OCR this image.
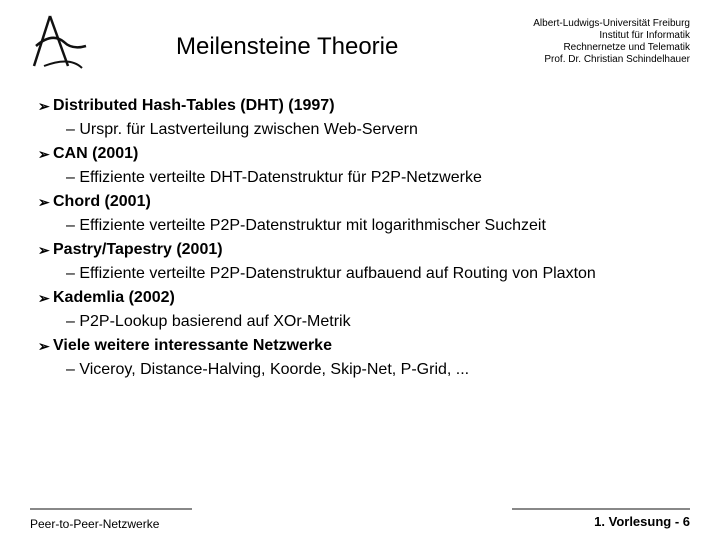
Meilensteine Theorie
Albert-Ludwigs-Universität Freiburg
Institut für Informatik
Rechnernetze und Telematik
Prof. Dr. Christian Schindelhauer
➢ Distributed Hash-Tables (DHT) (1997)
– Urspr. für Lastverteilung zwischen Web-Servern
➢ CAN (2001)
– Effiziente verteilte DHT-Datenstruktur für P2P-Netzwerke
➢ Chord (2001)
– Effiziente verteilte P2P-Datenstruktur mit logarithmischer Suchzeit
➢ Pastry/Tapestry (2001)
– Effiziente verteilte P2P-Datenstruktur aufbauend auf Routing von Plaxton
➢ Kademlia (2002)
– P2P-Lookup basierend auf XOr-Metrik
➢ Viele weitere interessante Netzwerke
– Viceroy, Distance-Halving, Koorde, Skip-Net, P-Grid, ...
Peer-to-Peer-Netzwerke	1. Vorlesung - 6
